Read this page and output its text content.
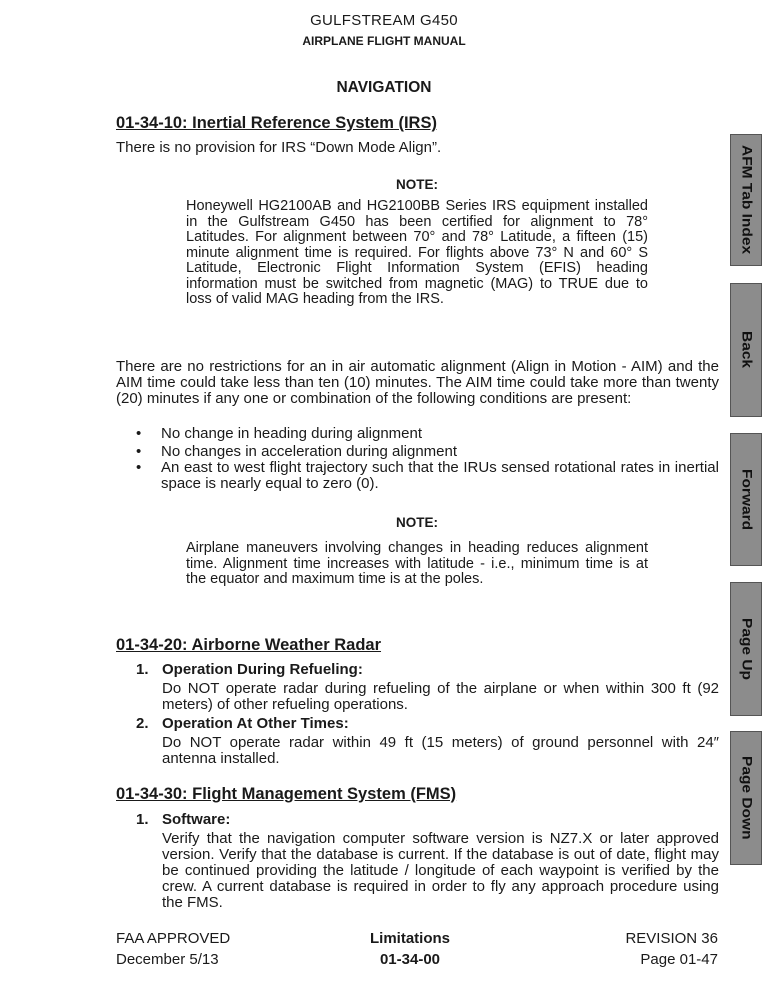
GULFSTREAM G450
AIRPLANE FLIGHT MANUAL
NAVIGATION
01-34-10: Inertial Reference System (IRS)
There is no provision for IRS “Down Mode Align”.
NOTE:
Honeywell HG2100AB and HG2100BB Series IRS equipment installed in the Gulfstream G450 has been certified for alignment to 78° Latitudes. For alignment between 70° and 78° Latitude, a fifteen (15) minute alignment time is required. For flights above 73° N and 60° S Latitude, Electronic Flight Information System (EFIS) heading information must be switched from magnetic (MAG) to TRUE due to loss of valid MAG heading from the IRS.
There are no restrictions for an in air automatic alignment (Align in Motion - AIM) and the AIM time could take less than ten (10) minutes. The AIM time could take more than twenty (20) minutes if any one or combination of the following conditions are present:
• No change in heading during alignment
• No changes in acceleration during alignment
• An east to west flight trajectory such that the IRUs sensed rotational rates in inertial space is nearly equal to zero (0).
NOTE:
Airplane maneuvers involving changes in heading reduces alignment time. Alignment time increases with latitude - i.e., minimum time is at the equator and maximum time is at the poles.
01-34-20: Airborne Weather Radar
1. Operation During Refueling:
Do NOT operate radar during refueling of the airplane or when within 300 ft (92 meters) of other refueling operations.
2. Operation At Other Times:
Do NOT operate radar within 49 ft (15 meters) of ground personnel with 24″ antenna installed.
01-34-30: Flight Management System (FMS)
1. Software:
Verify that the navigation computer software version is NZ7.X or later approved version. Verify that the database is current. If the database is out of date, flight may be continued providing the latitude / longitude of each waypoint is verified by the crew. A current database is required in order to fly any approach procedure using the FMS.
AFM Tab Index
Back
Forward
Page Up
Page Down
FAA APPROVED
December 5/13
Limitations
01-34-00
REVISION 36
Page 01-47
